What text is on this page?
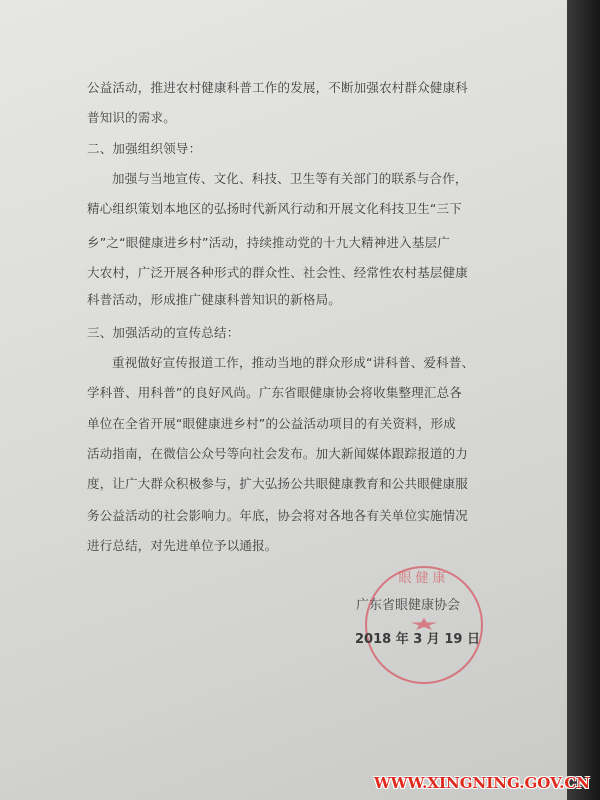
公益活动，推进农村健康科普工作的发展，不断加强农村群众健康科
普知识的需求。
二、加强组织领导：
加强与当地宣传、文化、科技、卫生等有关部门的联系与合作，
精心组织策划本地区的弘扬时代新风行动和开展文化科技卫生“三下
乡”之“眼健康进乡村”活动，持续推动党的十九大精神进入基层广
大农村，广泛开展各种形式的群众性、社会性、经常性农村基层健康
科普活动，形成推广健康科普知识的新格局。
三、加强活动的宣传总结：
重视做好宣传报道工作，推动当地的群众形成“讲科普、爱科普、
学科普、用科普”的良好风尚。广东省眼健康协会将收集整理汇总各
单位在全省开展“眼健康进乡村”的公益活动项目的有关资料，形成
活动指南，在微信公众号等向社会发布。加大新闻媒体跟踪报道的力
度，让广大群众积极参与，扩大弘扬公共眼健康教育和公共眼健康服
务公益活动的社会影响力。年底，协会将对各地各有关单位实施情况
进行总结，对先进单位予以通报。
眼健康
广东省眼健康协会
2018 年 3 月 19 日
WWW.XINGNING.GOV.CN
